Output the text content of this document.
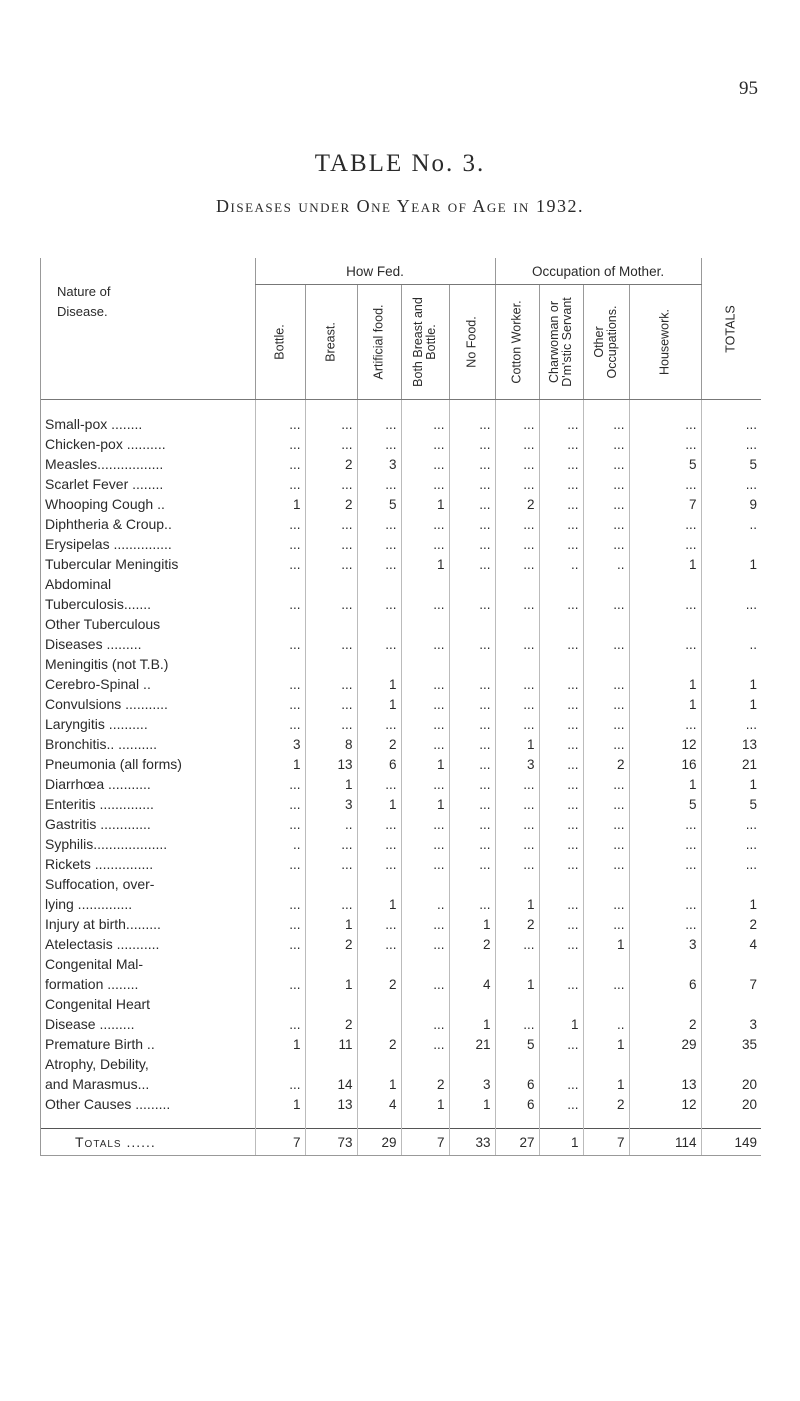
95
TABLE No. 3.
Diseases under One Year of Age in 1932.
Nature of
Disease.	How Fed.					Occupation of Mother.				TOTALS

	Bottle.	Breast.	Artificial food.	Both Breast and Bottle.	No Food.	Cotton Worker.	Charwoman or D'm'stic Servant	Other Occupations.	Housework.	

Small-pox ........	...	...	...	...	...	...	...	...	...	...
Chicken-pox ..........	...	...	...	...	...	...	...	...	...	...
Measles.................	...	2	3	...	...	...	...	...	5	5
Scarlet Fever ........	...	...	...	...	...	...	...	...	...	...
Whooping Cough ..	1	2	5	1	...	2	...	...	7	9
Diphtheria & Croup..	...	...	...	...	...	...	...	...	...	..
Erysipelas ...............	...	...	...	...	...	...	...	...	...	
Tubercular Meningitis	...	...	...	1	...	...	..	..	1	1
Abdominal										
Tuberculosis.......	...	...	...	...	...	...	...	...	...	...
Other Tuberculous										
Diseases .........	...	...	...	...	...	...	...	...	...	..
Meningitis (not T.B.)										
Cerebro-Spinal ..	...	...	1	...	...	...	...	...	1	1
Convulsions ...........	...	...	1	...	...	...	...	...	1	1
Laryngitis ..........	...	...	...	...	...	...	...	...	...	...
Bronchitis.. ..........	3	8	2	...	...	1	...	...	12	13
Pneumonia (all forms)	1	13	6	1	...	3	...	2	16	21
Diarrhœa ...........	...	1	...	...	...	...	...	...	1	1
Enteritis ..............	...	3	1	1	...	...	...	...	5	5
Gastritis .............	...	..	...	...	...	...	...	...	...	...
Syphilis...................	..	...	...	...	...	...	...	...	...	...
Rickets ...............	...	...	...	...	...	...	...	...	...	...
Suffocation, over-										
lying ..............	...	...	1	..	...	1	...	...	...	1
Injury at birth.........	...	1	...	...	1	2	...	...	...	2
Atelectasis ...........	...	2	...	...	2	...	...	1	3	4
Congenital Mal-										
formation ........	...	1	2	...	4	1	...	...	6	7
Congenital Heart										
Disease .........	...	2		...	1	...	1	..	2	3
Premature Birth ..	1	11	2	...	21	5	...	1	29	35
Atrophy, Debility,										
and Marasmus...	...	14	1	2	3	6	...	1	13	20
Other Causes .........	1	13	4	1	1	6	...	2	12	20

Totals ......	7	73	29	7	33	27	1	7	114	149
